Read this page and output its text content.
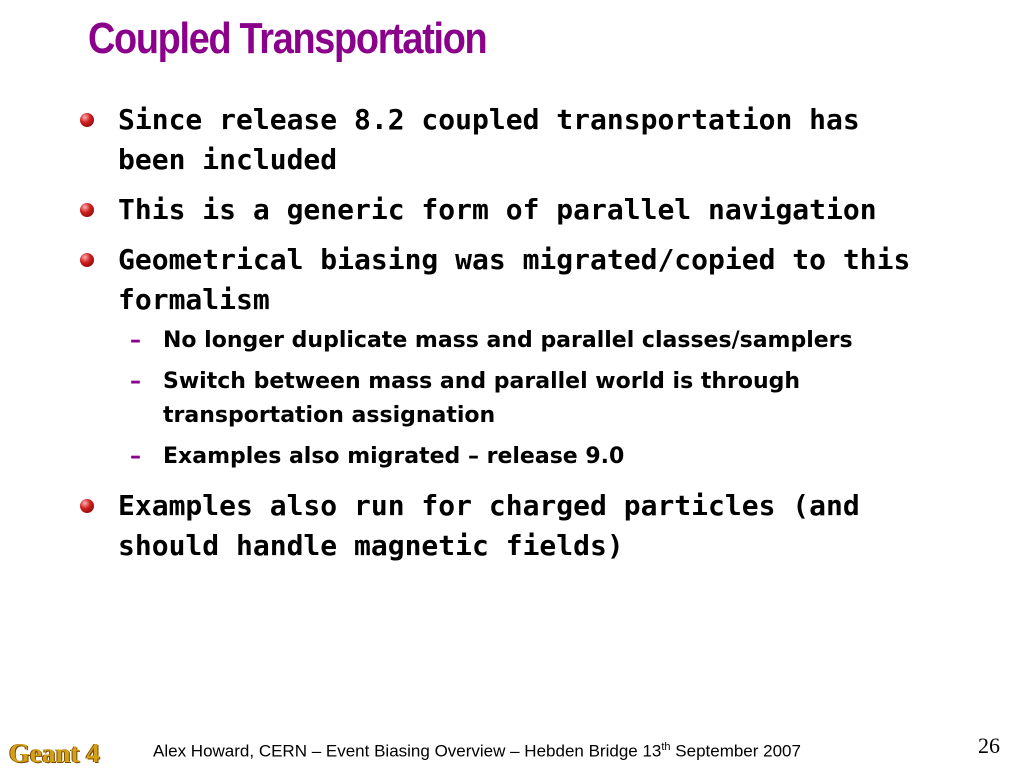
Coupled Transportation
Since release 8.2 coupled transportation has been included
This is a generic form of parallel navigation
Geometrical biasing was migrated/copied to this formalism
– No longer duplicate mass and parallel classes/samplers
– Switch between mass and parallel world is through transportation assignation
– Examples also migrated – release 9.0
Examples also run for charged particles (and should handle magnetic fields)
Geant 4	Alex Howard, CERN – Event Biasing Overview – Hebden Bridge 13th September 2007	26
